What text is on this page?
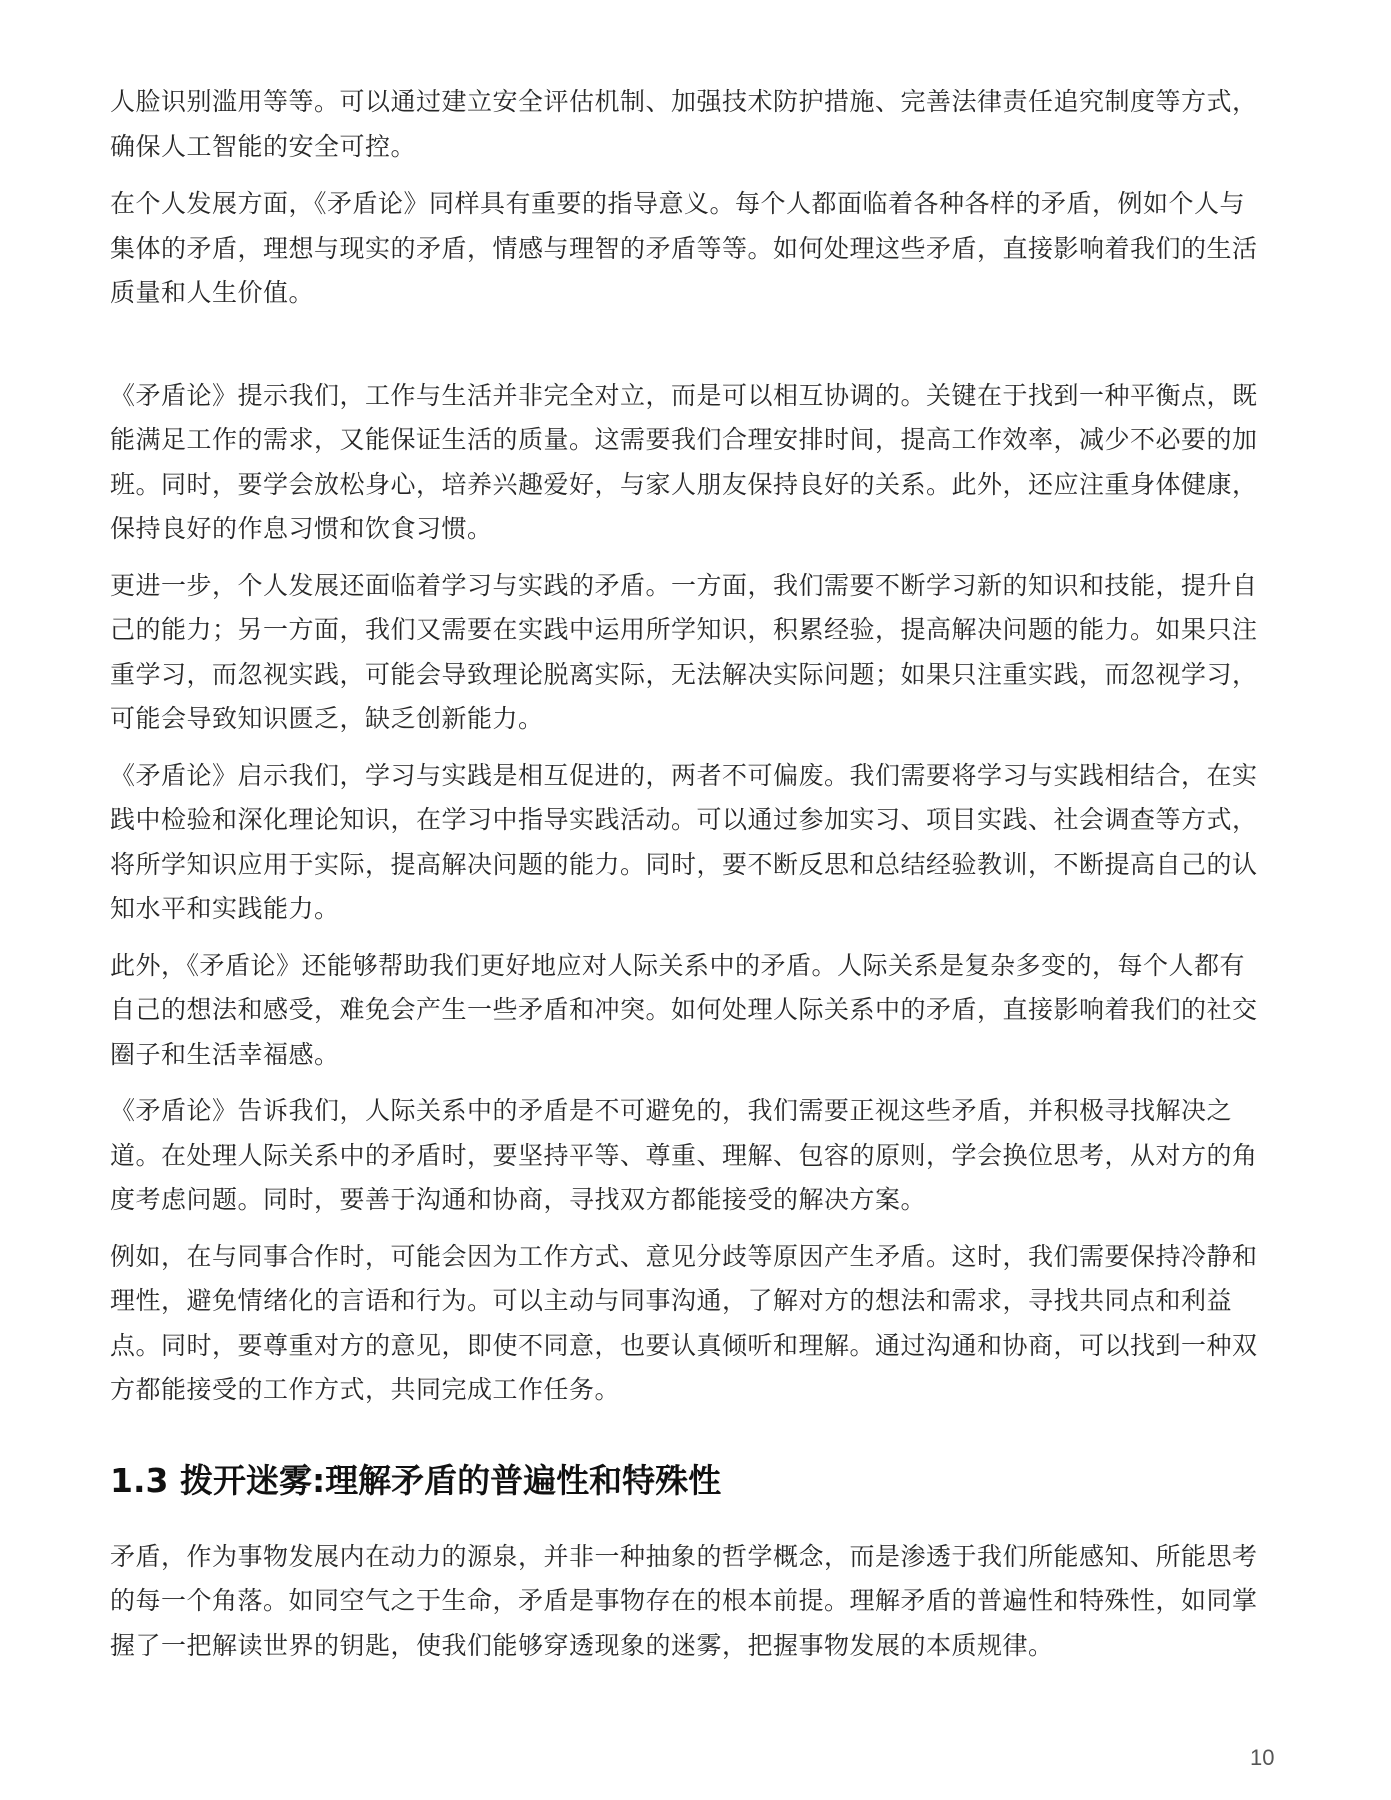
人脸识别滥用等等。可以通过建立安全评估机制、加强技术防护措施、完善法律责任追究制度等方式，确保人工智能的安全可控。

在个人发展方面，《矛盾论》同样具有重要的指导意义。每个人都面临着各种各样的矛盾，例如个人与集体的矛盾，理想与现实的矛盾，情感与理智的矛盾等等。如何处理这些矛盾，直接影响着我们的生活质量和人生价值。

《矛盾论》提示我们，工作与生活并非完全对立，而是可以相互协调的。关键在于找到一种平衡点，既能满足工作的需求，又能保证生活的质量。这需要我们合理安排时间，提高工作效率，减少不必要的加班。同时，要学会放松身心，培养兴趣爱好，与家人朋友保持良好的关系。此外，还应注重身体健康，保持良好的作息习惯和饮食习惯。

更进一步，个人发展还面临着学习与实践的矛盾。一方面，我们需要不断学习新的知识和技能，提升自己的能力；另一方面，我们又需要在实践中运用所学知识，积累经验，提高解决问题的能力。如果只注重学习，而忽视实践，可能会导致理论脱离实际，无法解决实际问题；如果只注重实践，而忽视学习，可能会导致知识匮乏，缺乏创新能力。

《矛盾论》启示我们，学习与实践是相互促进的，两者不可偏废。我们需要将学习与实践相结合，在实践中检验和深化理论知识，在学习中指导实践活动。可以通过参加实习、项目实践、社会调查等方式，将所学知识应用于实际，提高解决问题的能力。同时，要不断反思和总结经验教训，不断提高自己的认知水平和实践能力。

此外，《矛盾论》还能够帮助我们更好地应对人际关系中的矛盾。人际关系是复杂多变的，每个人都有自己的想法和感受，难免会产生一些矛盾和冲突。如何处理人际关系中的矛盾，直接影响着我们的社交圈子和生活幸福感。

《矛盾论》告诉我们，人际关系中的矛盾是不可避免的，我们需要正视这些矛盾，并积极寻找解决之道。在处理人际关系中的矛盾时，要坚持平等、尊重、理解、包容的原则，学会换位思考，从对方的角度考虑问题。同时，要善于沟通和协商，寻找双方都能接受的解决方案。

例如，在与同事合作时，可能会因为工作方式、意见分歧等原因产生矛盾。这时，我们需要保持冷静和理性，避免情绪化的言语和行为。可以主动与同事沟通，了解对方的想法和需求，寻找共同点和利益点。同时，要尊重对方的意见，即使不同意，也要认真倾听和理解。通过沟通和协商，可以找到一种双方都能接受的工作方式，共同完成工作任务。

1.3 拨开迷雾:理解矛盾的普遍性和特殊性

矛盾，作为事物发展内在动力的源泉，并非一种抽象的哲学概念，而是渗透于我们所能感知、所能思考的每一个角落。如同空气之于生命，矛盾是事物存在的根本前提。理解矛盾的普遍性和特殊性，如同掌握了一把解读世界的钥匙，使我们能够穿透现象的迷雾，把握事物发展的本质规律。

10
